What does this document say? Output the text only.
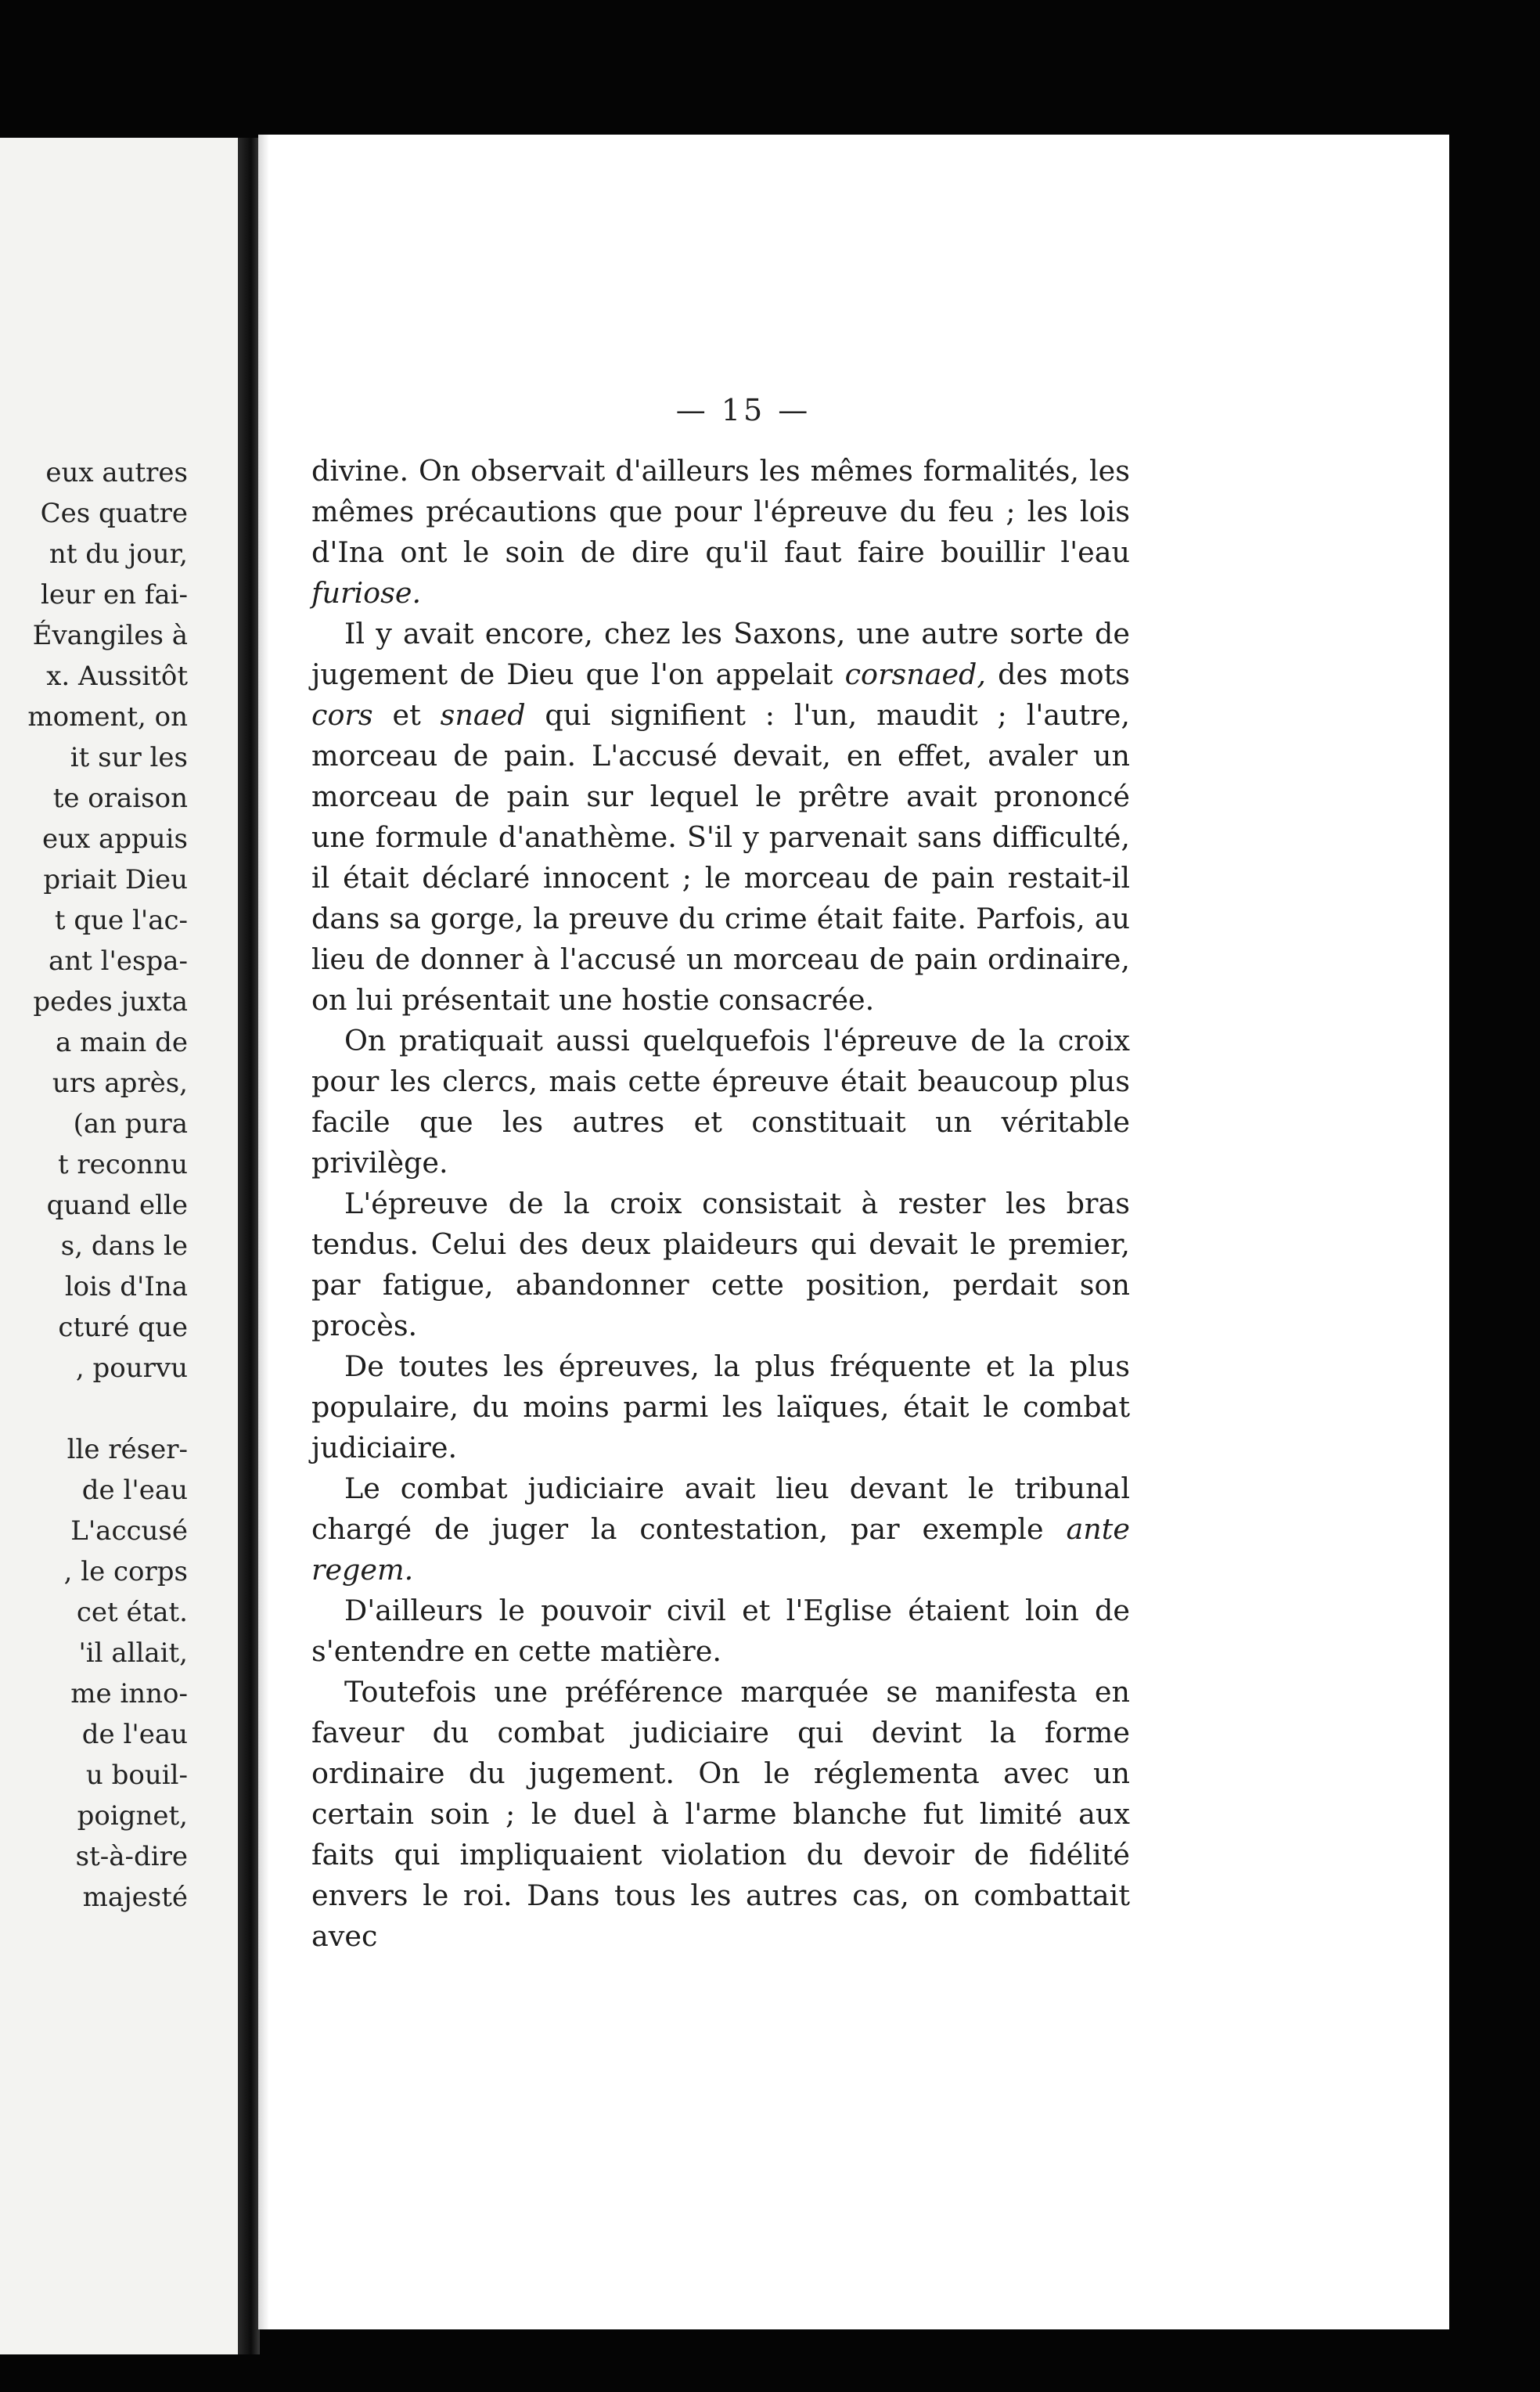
eux autres
Ces quatre
nt du jour,
leur en fai-
Évangiles à
x. Aussitôt
moment, on
it sur les
te oraison
eux appuis
priait Dieu
t que l'ac-
ant l'espa-
pedes juxta
a main de
urs après,
(an pura
t reconnu
quand elle
s, dans le
lois d'Ina
cturé que
, pourvu
lle réser-
de l'eau
L'accusé
, le corps
cet état.
'il allait,
me inno-
de l'eau
u bouil-
poignet,
st-à-dire
majesté
— 15 —

divine. On observait d'ailleurs les mêmes formalités, les mêmes précautions que pour l'épreuve du feu ; les lois d'Ina ont le soin de dire qu'il faut faire bouillir l'eau furiose.

Il y avait encore, chez les Saxons, une autre sorte de jugement de Dieu que l'on appelait corsnaed, des mots cors et snaed qui signifient : l'un, maudit ; l'autre, morceau de pain. L'accusé devait, en effet, avaler un morceau de pain sur lequel le prêtre avait prononcé une formule d'anathème. S'il y parvenait sans difficulté, il était déclaré innocent ; le morceau de pain restait-il dans sa gorge, la preuve du crime était faite. Parfois, au lieu de donner à l'accusé un morceau de pain ordinaire, on lui présentait une hostie consacrée.

On pratiquait aussi quelquefois l'épreuve de la croix pour les clercs, mais cette épreuve était beaucoup plus facile que les autres et constituait un véritable privilège.

L'épreuve de la croix consistait à rester les bras tendus. Celui des deux plaideurs qui devait le premier, par fatigue, abandonner cette position, perdait son procès.

De toutes les épreuves, la plus fréquente et la plus populaire, du moins parmi les laïques, était le combat judiciaire.

Le combat judiciaire avait lieu devant le tribunal chargé de juger la contestation, par exemple ante regem.

D'ailleurs le pouvoir civil et l'Eglise étaient loin de s'entendre en cette matière.

Toutefois une préférence marquée se manifesta en faveur du combat judiciaire qui devint la forme ordinaire du jugement. On le réglementa avec un certain soin ; le duel à l'arme blanche fut limité aux faits qui impliquaient violation du devoir de fidélité envers le roi. Dans tous les autres cas, on combattait avec
